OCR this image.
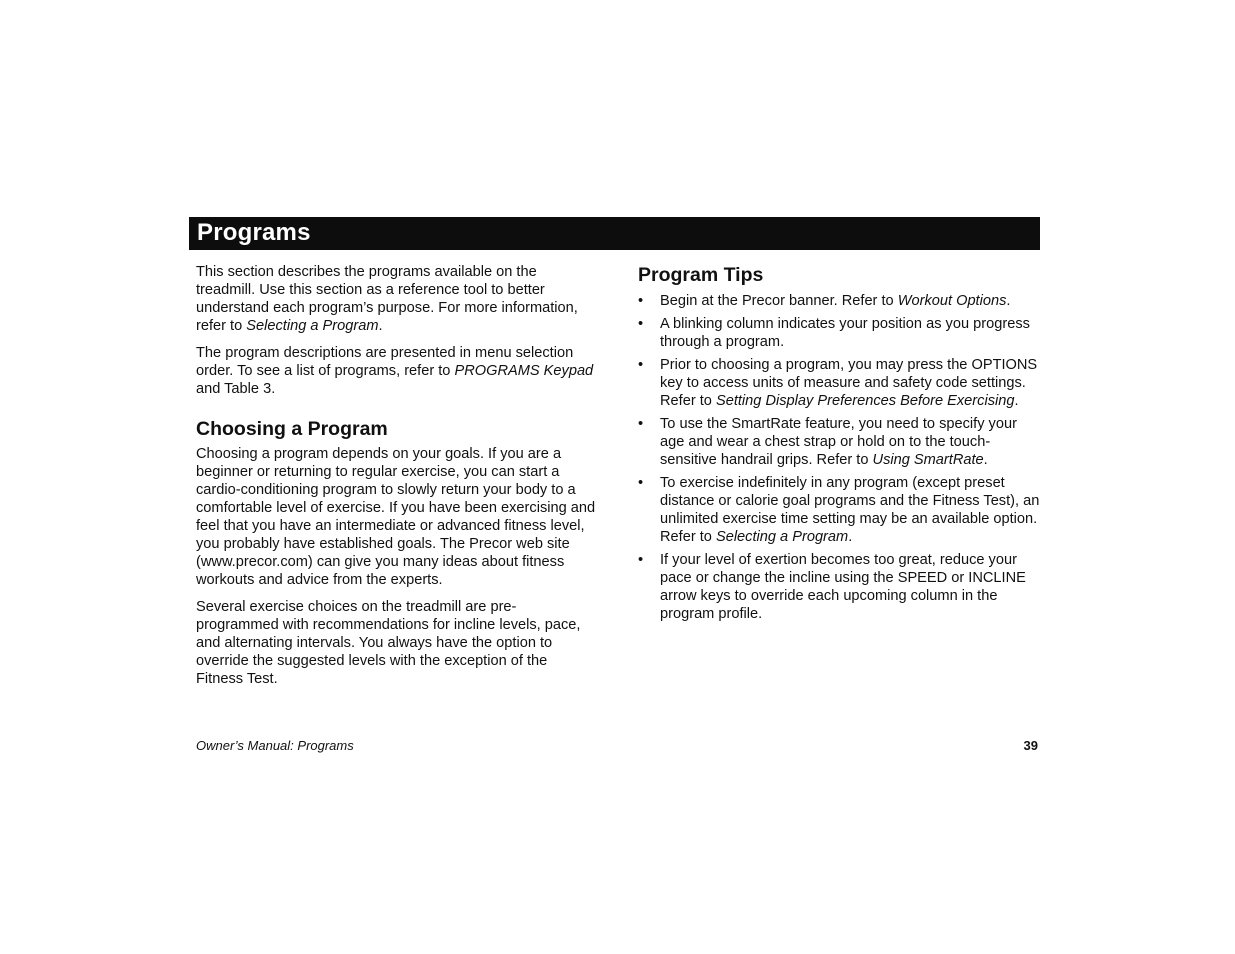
Programs

This section describes the programs available on the treadmill. Use this section as a reference tool to better understand each program’s purpose. For more information, refer to Selecting a Program.

The program descriptions are presented in menu selection order. To see a list of programs, refer to PROGRAMS Keypad and Table 3.

Choosing a Program

Choosing a program depends on your goals. If you are a beginner or returning to regular exercise, you can start a cardio-conditioning program to slowly return your body to a comfortable level of exercise. If you have been exercising and feel that you have an intermediate or advanced fitness level, you probably have established goals. The Precor web site (www.precor.com) can give you many ideas about fitness workouts and advice from the experts.

Several exercise choices on the treadmill are pre-programmed with recommendations for incline levels, pace, and alternating intervals. You always have the option to override the suggested levels with the exception of the Fitness Test.

Program Tips
• Begin at the Precor banner. Refer to Workout Options.
• A blinking column indicates your position as you progress through a program.
• Prior to choosing a program, you may press the OPTIONS key to access units of measure and safety code settings. Refer to Setting Display Preferences Before Exercising.
• To use the SmartRate feature, you need to specify your age and wear a chest strap or hold on to the touch-sensitive handrail grips. Refer to Using SmartRate.
• To exercise indefinitely in any program (except preset distance or calorie goal programs and the Fitness Test), an unlimited exercise time setting may be an available option. Refer to Selecting a Program.
• If your level of exertion becomes too great, reduce your pace or change the incline using the SPEED or INCLINE arrow keys to override each upcoming column in the program profile.
Owner’s Manual: Programs	39
